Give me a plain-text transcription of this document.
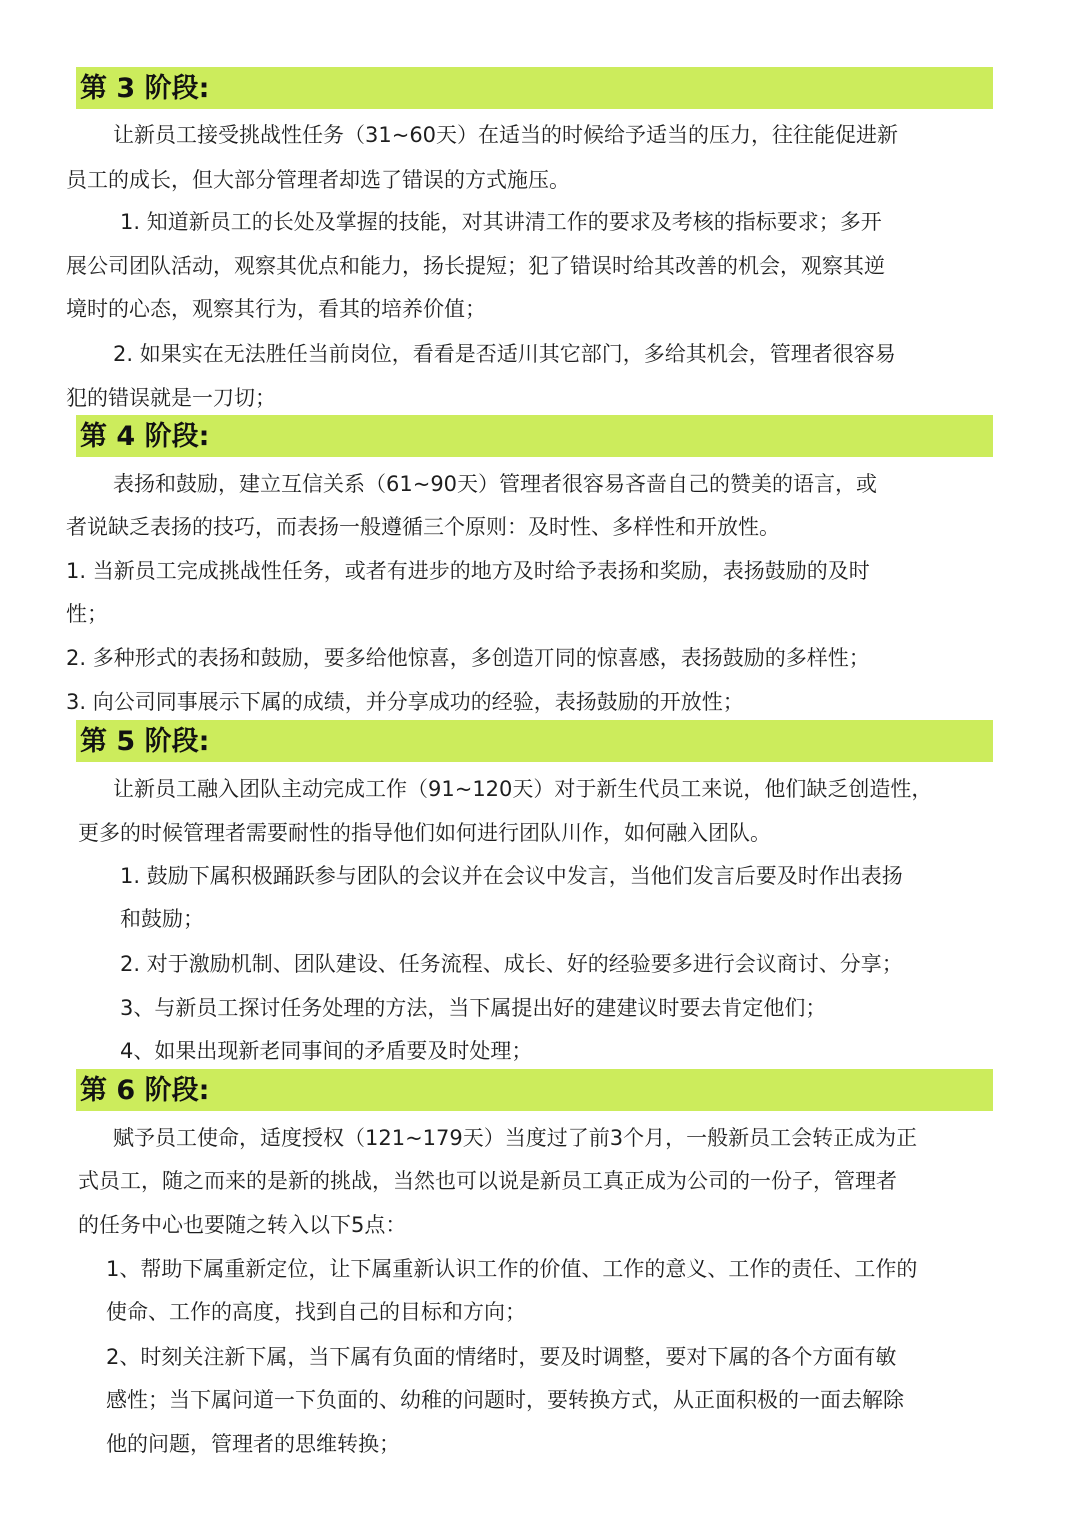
第 3 阶段:
让新员工接受挑战性任务（31~60天）在适当的时候给予适当的压力，往往能促进新
员工的成长，但大部分管理者却选了错误的方式施压。
1. 知道新员工的长处及掌握的技能，对其讲清工作的要求及考核的指标要求；多开
展公司团队活动，观察其优点和能力，扬长提短；犯了错误时给其改善的机会，观察其逆
境时的心态，观察其行为，看其的培养价值；
2. 如果实在无法胜任当前岗位，看看是否适川其它部门，多给其机会，管理者很容易
犯的错误就是一刀切；
第 4 阶段:
表扬和鼓励，建立互信关系（61~90天）管理者很容易吝啬自己的赞美的语言，或
者说缺乏表扬的技巧，而表扬一般遵循三个原则：及时性、多样性和开放性。
1. 当新员工完成挑战性任务，或者有进步的地方及时给予表扬和奖励，表扬鼓励的及时
性；
2. 多种形式的表扬和鼓励，要多给他惊喜，多创造丌同的惊喜感，表扬鼓励的多样性；
3. 向公司同事展示下属的成绩，并分享成功的经验，表扬鼓励的开放性；
第 5 阶段:
让新员工融入团队主动完成工作（91~120天）对于新生代员工来说，他们缺乏创造性，
更多的时候管理者需要耐性的指导他们如何进行团队川作，如何融入团队。
1. 鼓励下属积极踊跃参与团队的会议并在会议中发言，当他们发言后要及时作出表扬
和鼓励；
2. 对于激励机制、团队建设、任务流程、成长、好的经验要多进行会议商讨、分享；
3、与新员工探讨任务处理的方法，当下属提出好的建建议时要去肯定他们；
4、如果出现新老同事间的矛盾要及时处理；
第 6 阶段:
赋予员工使命，适度授权（121~179天）当度过了前3个月，一般新员工会转正成为正
式员工，随之而来的是新的挑战，当然也可以说是新员工真正成为公司的一份子，管理者
的任务中心也要随之转入以下5点：
1、帮助下属重新定位，让下属重新认识工作的价值、工作的意义、工作的责任、工作的
使命、工作的高度，找到自己的目标和方向；
2、时刻关注新下属，当下属有负面的情绪时，要及时调整，要对下属的各个方面有敏
感性；当下属问道一下负面的、幼稚的问题时，要转换方式，从正面积极的一面去解除
他的问题，管理者的思维转换；
